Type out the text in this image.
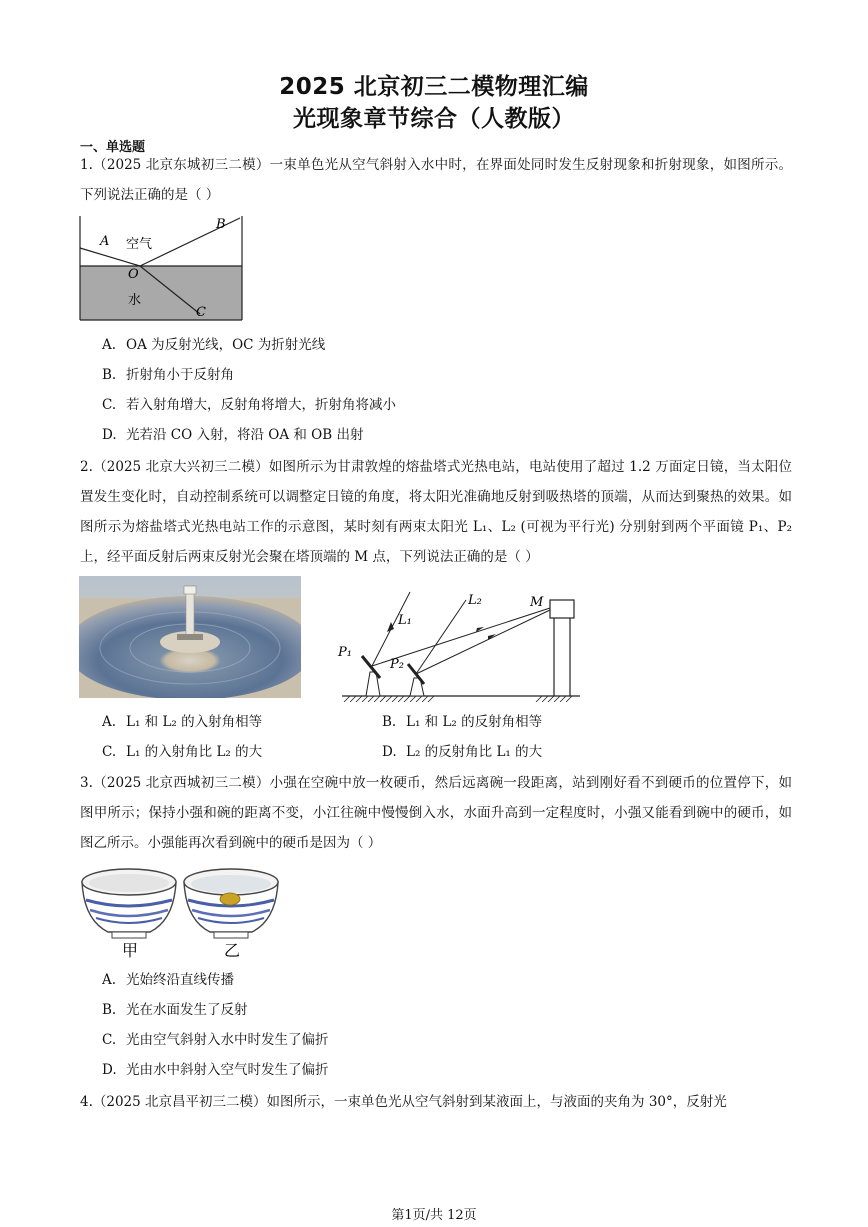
2025 北京初三二模物理汇编
光现象章节综合（人教版）
一、单选题
1.（2025 北京东城初三二模）一束单色光从空气斜射入水中时，在界面处同时发生反射现象和折射现象，如图所示。下列说法正确的是（ ）
A
B
O
C
空气
水
A. OA 为反射光线，OC 为折射光线
B. 折射角小于反射角
C. 若入射角增大，反射角将增大，折射角将减小
D. 光若沿 CO 入射，将沿 OA 和 OB 出射
2.（2025 北京大兴初三二模）如图所示为甘肃敦煌的熔盐塔式光热电站，电站使用了超过 1.2 万面定日镜，当太阳位置发生变化时，自动控制系统可以调整定日镜的角度，将太阳光准确地反射到吸热塔的顶端，从而达到聚热的效果。如图所示为熔盐塔式光热电站工作的示意图，某时刻有两束太阳光 L₁、L₂ (可视为平行光) 分别射到两个平面镜 P₁、P₂ 上，经平面反射后两束反射光会聚在塔顶端的 M 点，下列说法正确的是（ ）
L₁
L₂	M
P₁
P₂
A. L₁ 和 L₂ 的入射角相等	B. L₁ 和 L₂ 的反射角相等
C. L₁ 的入射角比 L₂ 的大	D. L₂ 的反射角比 L₁ 的大
3.（2025 北京西城初三二模）小强在空碗中放一枚硬币，然后远离碗一段距离，站到刚好看不到硬币的位置停下，如图甲所示；保持小强和碗的距离不变，小江往碗中慢慢倒入水，水面升高到一定程度时，小强又能看到碗中的硬币，如图乙所示。小强能再次看到碗中的硬币是因为（ ）
甲	乙
A. 光始终沿直线传播
B. 光在水面发生了反射
C. 光由空气斜射入水中时发生了偏折
D. 光由水中斜射入空气时发生了偏折
4.（2025 北京昌平初三二模）如图所示，一束单色光从空气斜射到某液面上，与液面的夹角为 30°，反射光
第1页/共 12页
